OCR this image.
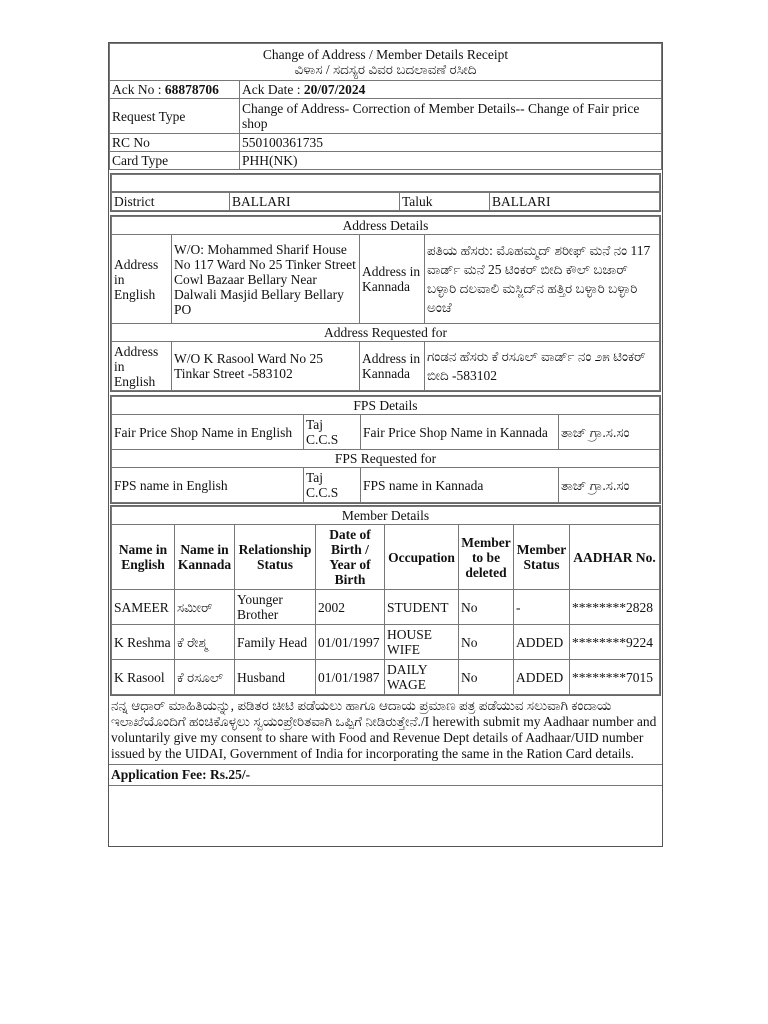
Change of Address / Member Details Receipt
ವಿಳಾಸ / ಸದಸ್ಯರ ವಿವರ ಬದಲಾವಣೆ ರಸೀದಿ	

Ack No : 68878706	Ack Date : 20/07/2024
Request Type	Change of Address- Correction of Member Details-- Change of Fair price shop
RC No	550100361735
Card Type	PHH(NK)
District	BALLARI	Taluk	BALLARI
Address Details			
Address in English	W/O: Mohammed Sharif House No 117 Ward No 25 Tinker Street Cowl Bazaar Bellary Near Dalwali Masjid Bellary Bellary PO	Address in Kannada	ಪತಿಯ ಹೆಸರು: ಮೊಹಮ್ಮದ್ ಶರೀಫ್ ಮನೆ ನಂ 117 ವಾರ್ಡ್ ಮನೆ 25 ಟಿಂಕರ್ ಬೀದಿ ಕೌಲ್ ಬಜಾರ್ ಬಳ್ಳಾರಿ ದಲವಾಲಿ ಮಸ್ಜಿದ್‌ನ ಹತ್ತಿರ ಬಳ್ಳಾರಿ ಬಳ್ಳಾರಿ ಅಂಚೆ
Address Requested for			
Address in English	W/O K Rasool Ward No 25 Tinkar Street -583102	Address in Kannada	ಗಂಡನ ಹೆಸರು ಕೆ ರಸೂಲ್ ವಾರ್ಡ್ ನಂ ೨೫ ಟಿಂಕರ್ ಬೀದಿ -583102
FPS Details			
Fair Price Shop Name in English	Taj C.C.S	Fair Price Shop Name in Kannada	ತಾಜ್ ಗ್ರಾ.ಸ.ಸಂ
FPS Requested for			
FPS name in English	Taj C.C.S	FPS name in Kannada	ತಾಜ್ ಗ್ರಾ.ಸ.ಸಂ
Member Details							
Name in English	Name in Kannada	Relationship Status	Date of Birth / Year of Birth	Occupation	Member to be deleted	Member Status	AADHAR No.
SAMEER	ಸಮೀರ್	Younger Brother	2002	STUDENT	No	-	********2828
K Reshma	ಕೆ ರೇಶ್ಮ	Family Head	01/01/1997	HOUSE WIFE	No	ADDED	********9224
K Rasool	ಕೆ ರಸೂಲ್	Husband	01/01/1987	DAILY WAGE	No	ADDED	********7015
ನನ್ನ ಆಧಾರ್ ಮಾಹಿತಿಯನ್ನು, ಪಡಿತರ ಚೀಟಿ ಪಡೆಯಲು ಹಾಗೂ ಆದಾಯ ಪ್ರಮಾಣ ಪತ್ರ ಪಡೆಯುವ ಸಲುವಾಗಿ ಕಂದಾಯ ಇಲಾಖೆಯೊಂದಿಗೆ ಹಂಚಿಕೊಳ್ಳಲು ಸ್ವಯಂಪ್ರೇರಿತವಾಗಿ ಒಪ್ಪಿಗೆ ನೀಡಿರುತ್ತೇನೆ./I herewith submit my Aadhaar number and voluntarily give my consent to share with Food and Revenue Dept details of Aadhaar/UID number issued by the UIDAI, Government of India for incorporating the same in the Ration Card details.
Application Fee: Rs.25/-
